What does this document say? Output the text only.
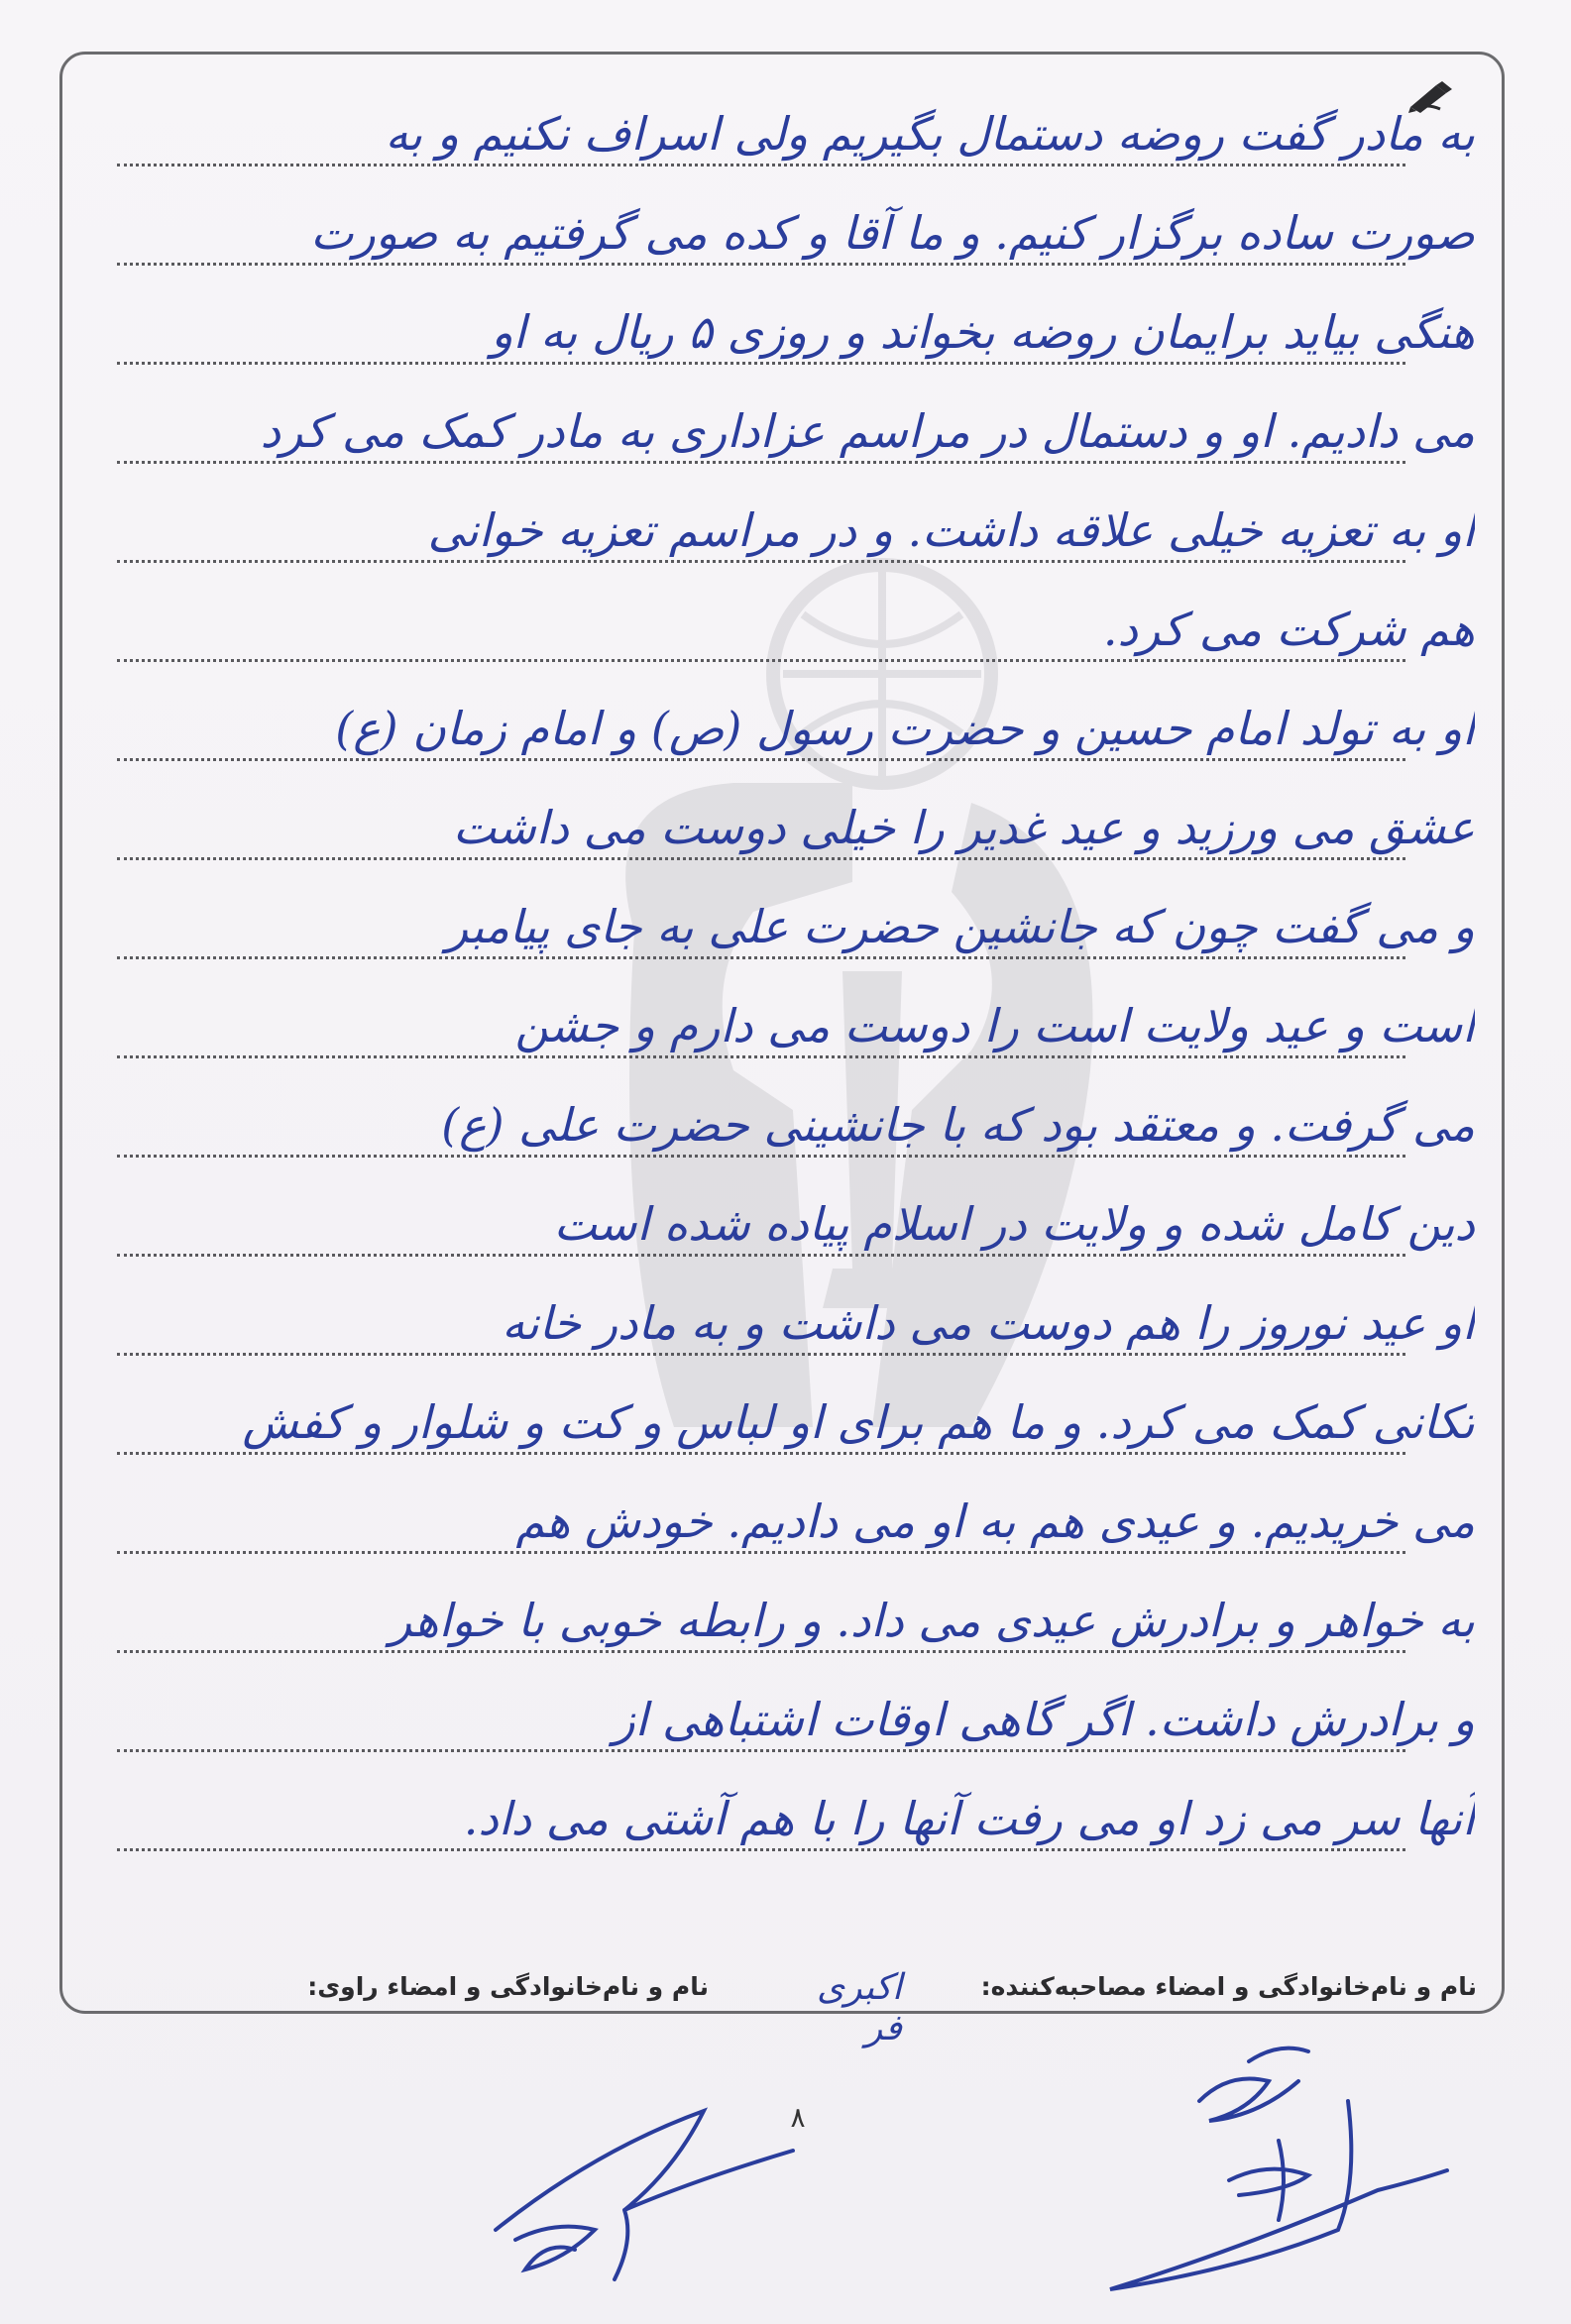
به مادر گفت روضه دستمال بگیریم ولی اسراف نکنیم و به
صورت ساده برگزار کنیم. و ما آقا و کده می گرفتیم به صورت
هنگی بیاید برایمان روضه بخواند و روزی ۵ ریال به او
می دادیم. او و دستمال در مراسم عزاداری به مادر کمک می کرد
او به تعزیه خیلی علاقه داشت. و در مراسم تعزیه خوانی
هم شرکت می کرد.
او به تولد امام حسین و حضرت رسول (ص) و امام زمان (ع)
عشق می ورزید و عید غدیر را خیلی دوست می داشت
و می گفت چون که جانشین حضرت علی به جای پیامبر
است و عید ولایت است را دوست می دارم و جشن
می گرفت. و معتقد بود که با جانشینی حضرت علی (ع)
دین کامل شده و ولایت در اسلام پیاده شده است
او عید نوروز را هم دوست می داشت و به مادر خانه
تکانی کمک می کرد. و ما هم برای او لباس و کت و شلوار و کفش
می خریدیم. و عیدی هم به او می دادیم. خودش هم
به خواهر و برادرش عیدی می داد. و رابطه خوبی با خواهر
و برادرش داشت. اگر گاهی اوقات اشتباهی از
آنها سر می زد او می رفت آنها را با هم آشتی می داد.
نام و نام‌خانوادگی و امضاء مصاحبه‌کننده:
نام و نام‌خانوادگی و امضاء راوی:	اکبری فر
۸
